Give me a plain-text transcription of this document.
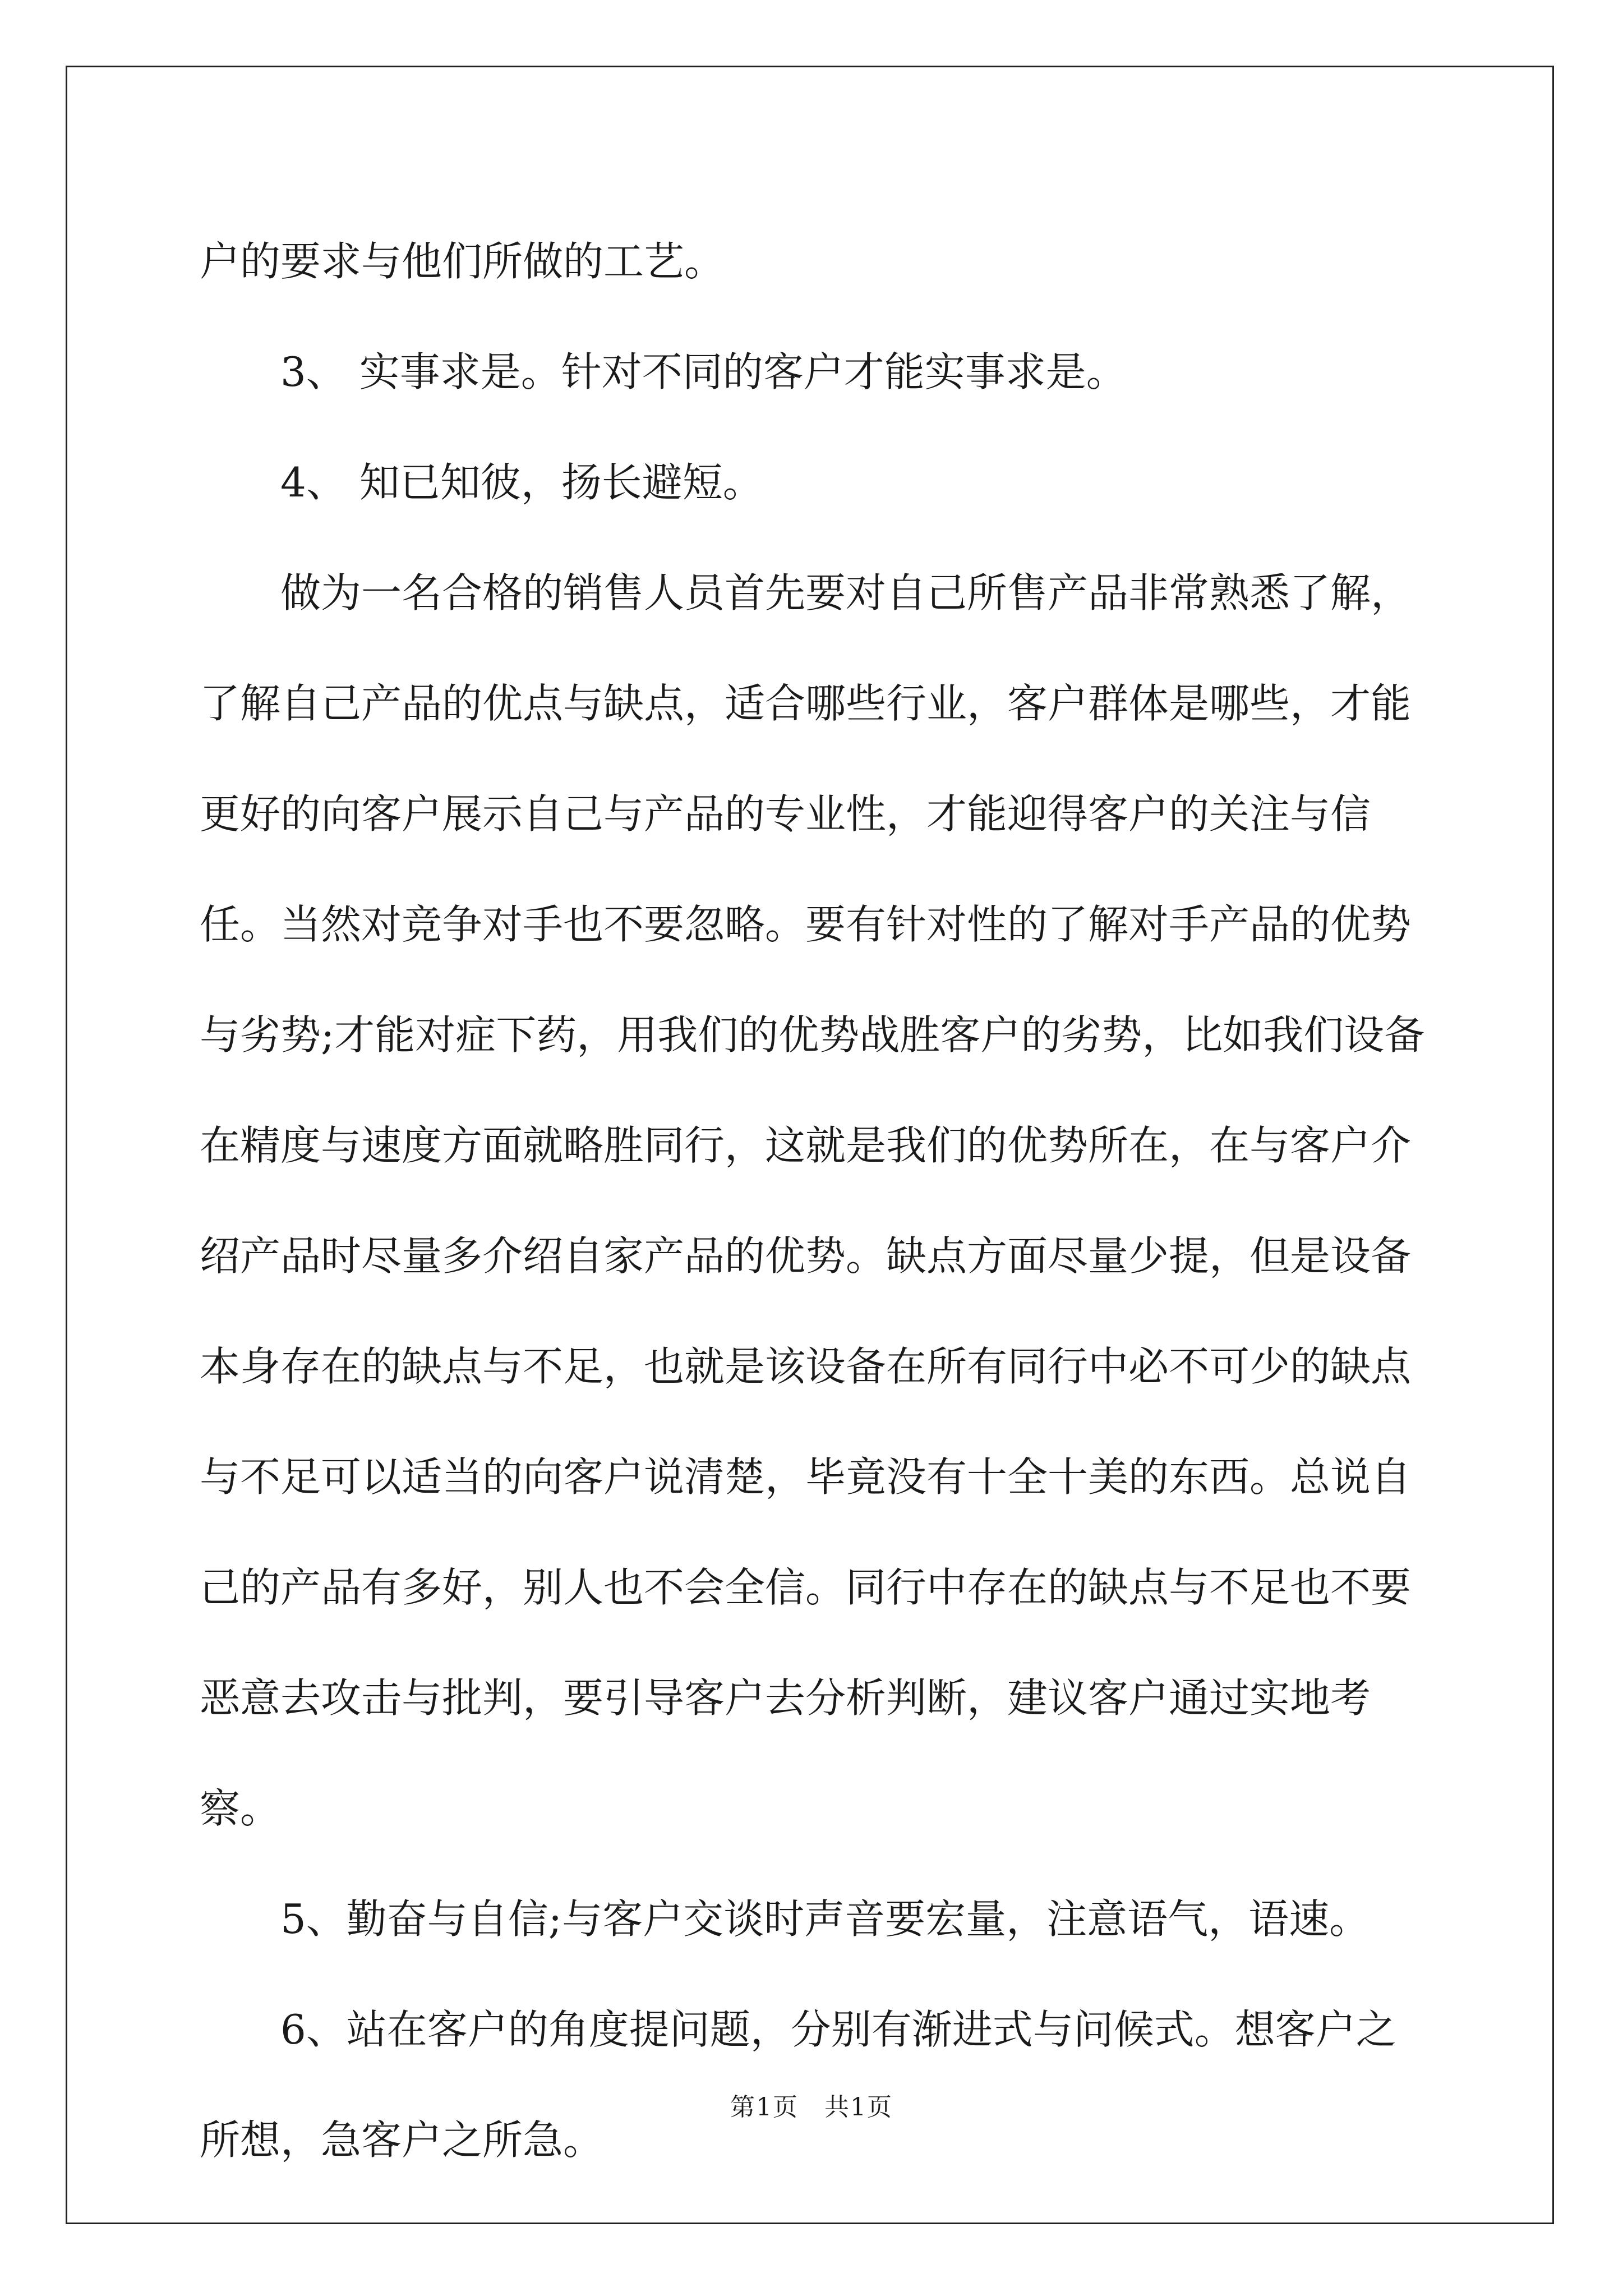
户的要求与他们所做的工艺。

3、 实事求是。针对不同的客户才能实事求是。

4、 知已知彼，扬长避短。

做为一名合格的销售人员首先要对自己所售产品非常熟悉了解，了解自己产品的优点与缺点，适合哪些行业，客户群体是哪些，才能更好的向客户展示自己与产品的专业性，才能迎得客户的关注与信任。当然对竞争对手也不要忽略。要有针对性的了解对手产品的优势与劣势;才能对症下药，用我们的优势战胜客户的劣势，比如我们设备在精度与速度方面就略胜同行，这就是我们的优势所在，在与客户介绍产品时尽量多介绍自家产品的优势。缺点方面尽量少提，但是设备本身存在的缺点与不足，也就是该设备在所有同行中必不可少的缺点与不足可以适当的向客户说清楚，毕竟没有十全十美的东西。总说自己的产品有多好，别人也不会全信。同行中存在的缺点与不足也不要恶意去攻击与批判，要引导客户去分析判断，建议客户通过实地考察。

5、勤奋与自信;与客户交谈时声音要宏量，注意语气，语速。

6、站在客户的角度提问题，分别有渐进式与问候式。想客户之所想，急客户之所急。

第1页　共1页
